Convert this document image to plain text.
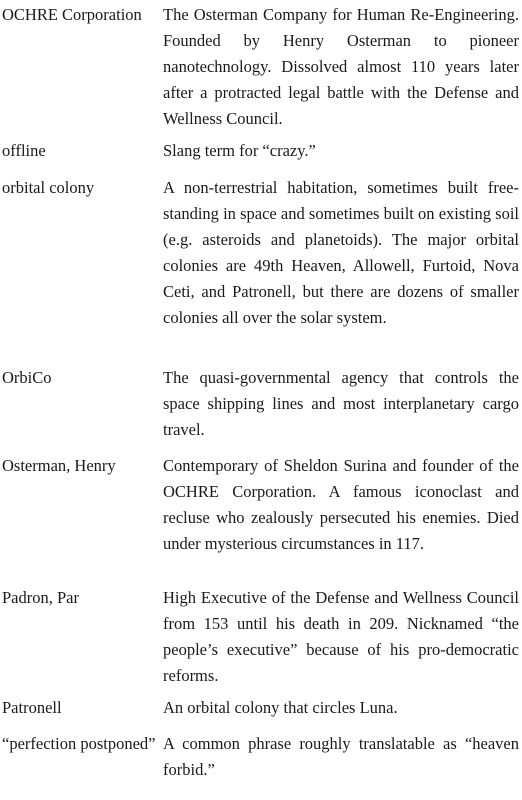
OCHRE Corporation	The Osterman Company for Human Re-Engineering. Founded by Henry Osterman to pioneer nanotechnology. Dissolved almost 110 years later after a protracted legal battle with the Defense and Wellness Council.
offline	Slang term for “crazy.”
orbital colony	A non-terrestrial habitation, sometimes built free-standing in space and sometimes built on existing soil (e.g. asteroids and planetoids). The major orbital colonies are 49th Heaven, Allowell, Furtoid, Nova Ceti, and Patronell, but there are dozens of smaller colonies all over the solar system.
OrbiCo	The quasi-governmental agency that controls the space shipping lines and most interplanetary cargo travel.
Osterman, Henry	Contemporary of Sheldon Surina and founder of the OCHRE Corporation. A famous iconoclast and recluse who zealously persecuted his enemies. Died under mysterious circumstances in 117.
Padron, Par	High Executive of the Defense and Wellness Council from 153 until his death in 209. Nicknamed “the people’s executive” because of his pro-democratic reforms.
Patronell	An orbital colony that circles Luna.
“perfection postponed” A common phrase roughly translatable as “heaven forbid.”
